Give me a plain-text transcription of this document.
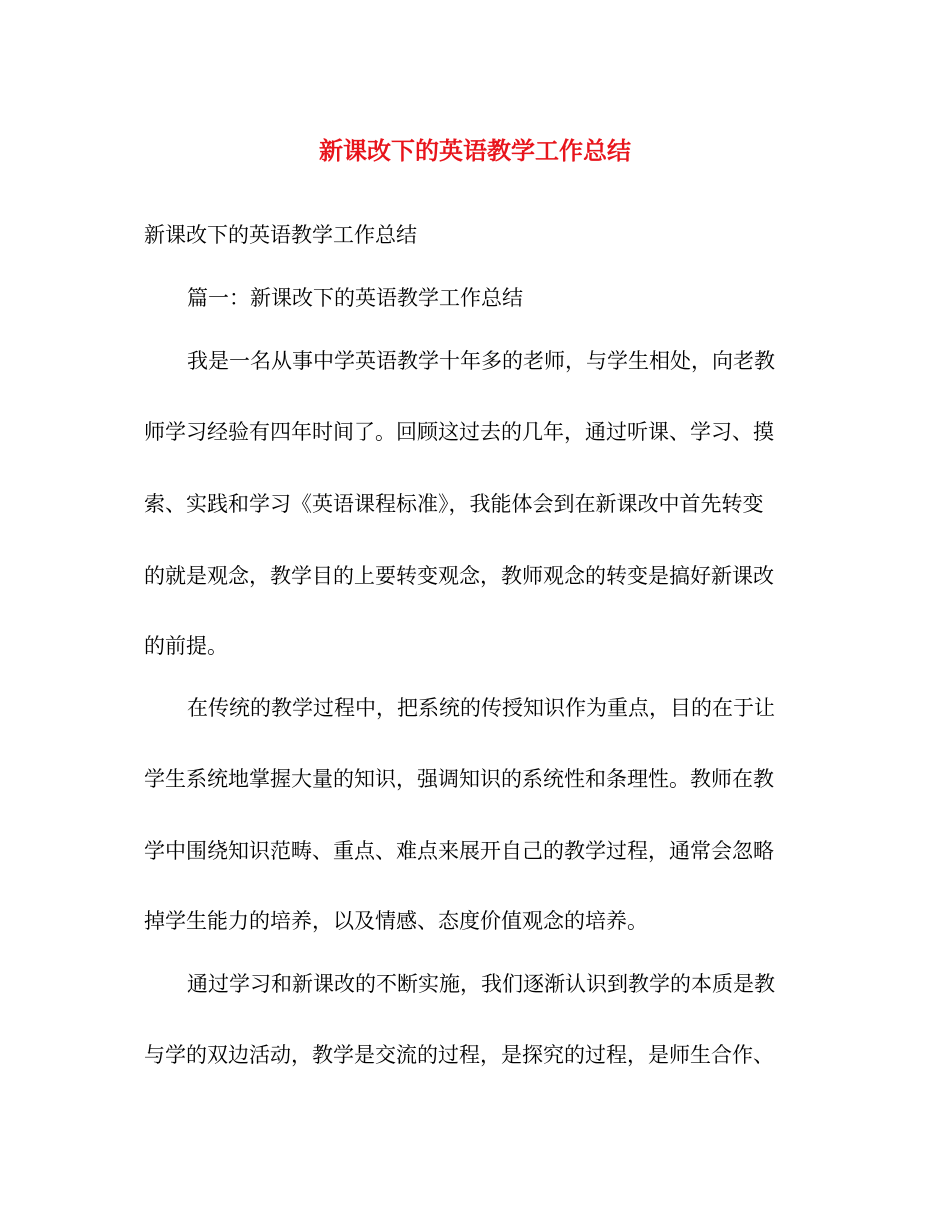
新课改下的英语教学工作总结

新课改下的英语教学工作总结

篇一：新课改下的英语教学工作总结

我是一名从事中学英语教学十年多的老师，与学生相处，向老教

师学习经验有四年时间了。回顾这过去的几年，通过听课、学习、摸

索、实践和学习《英语课程标准》，我能体会到在新课改中首先转变

的就是观念，教学目的上要转变观念，教师观念的转变是搞好新课改

的前提。

在传统的教学过程中，把系统的传授知识作为重点，目的在于让

学生系统地掌握大量的知识，强调知识的系统性和条理性。教师在教

学中围绕知识范畴、重点、难点来展开自己的教学过程，通常会忽略

掉学生能力的培养，以及情感、态度价值观念的培养。

通过学习和新课改的不断实施，我们逐渐认识到教学的本质是教

与学的双边活动，教学是交流的过程，是探究的过程，是师生合作、
